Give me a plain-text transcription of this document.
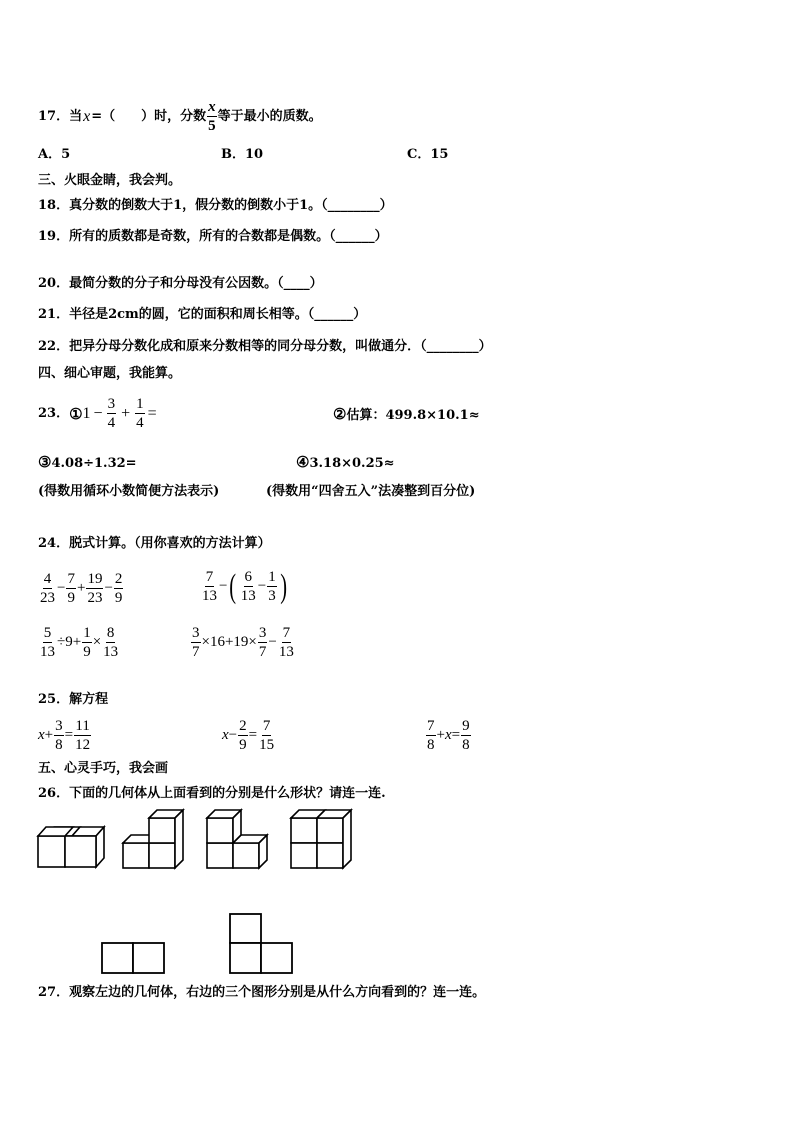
17．当 x =（　　）时，分数 $\frac{x}{5}$ 等于最小的质数。
A．5	B．10	C．15
三、火眼金睛，我会判。
18．真分数的倒数大于1，假分数的倒数小于1。（________）
19．所有的质数都是奇数，所有的合数都是偶数。（______）
20．最简分数的分子和分母没有公因数。（____）
21．半径是2cm的圆，它的面积和周长相等。（______）
22．把异分母分数化成和原来分数相等的同分母分数，叫做通分．（________）
四、细心审题，我能算。
23． ① $1 - \frac{3}{4} + \frac{1}{4}$ =	②估算：499.8×10.1≈
③4.08÷1.32=	④3.18×0.25≈
(得数用循环小数简便方法表示)	(得数用“四舍五入”法凑整到百分位)
24．脱式计算。（用你喜欢的方法计算）
$\frac{4}{23} - \frac{7}{9} + \frac{19}{23} - \frac{2}{9}$	$\frac{7}{13}$ − ( $\frac{6}{13} - \frac{1}{3}$ )
$\frac{5}{13} \div 9+ \frac{1}{9} \times \frac{8}{13}$	$\frac{3}{7} \times 16+19\times \frac{3}{7} - \frac{7}{13}$
25．解方程
$x + \frac{3}{8} = \frac{11}{12}$	$x - \frac{2}{9} = \frac{7}{15}$	$\frac{7}{8} + x = \frac{9}{8}$
五、心灵手巧，我会画
26．下面的几何体从上面看到的分别是什么形状？请连一连.
27．观察左边的几何体，右边的三个图形分别是从什么方向看到的？连一连。
